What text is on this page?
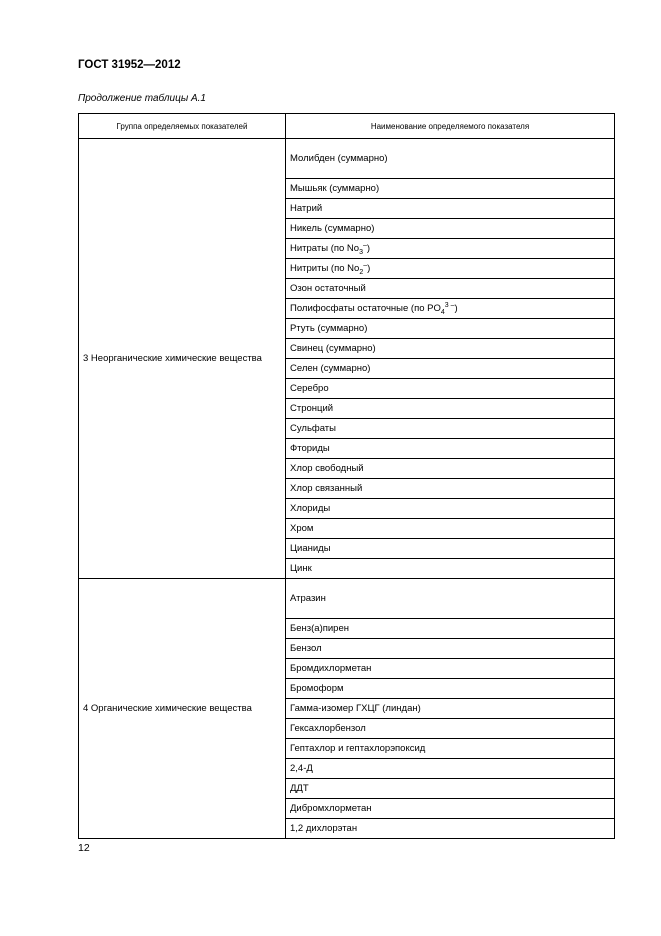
ГОСТ 31952—2012

Продолжение таблицы А.1

Группа определяемых показателей	Наименование определяемого показателя
3 Неорганические химические вещества	Молибден (суммарно)
	Мышьяк (суммарно)
	Натрий
	Никель (суммарно)
	Нитраты (по $No_3^-$)
	Нитриты (по $No_2^-$)
	Озон остаточный
	Полифосфаты остаточные (по $PO_4^{3 -}$)
	Ртуть (суммарно)
	Свинец (суммарно)
	Селен (суммарно)
	Серебро
	Стронций
	Сульфаты
	Фториды
	Хлор свободный
	Хлор связанный
	Хлориды
	Хром
	Цианиды
	Цинк
4 Органические химические вещества	Атразин
	Бенз(а)пирен
	Бензол
	Бромдихлорметан
	Бромоформ
	Гамма-изомер ГХЦГ (линдан)
	Гексахлорбензол
	Гептахлор и гептахлорэпоксид
	2,4-Д
	ДДТ
	Дибромхлорметан
	1,2 дихлорэтан

12
